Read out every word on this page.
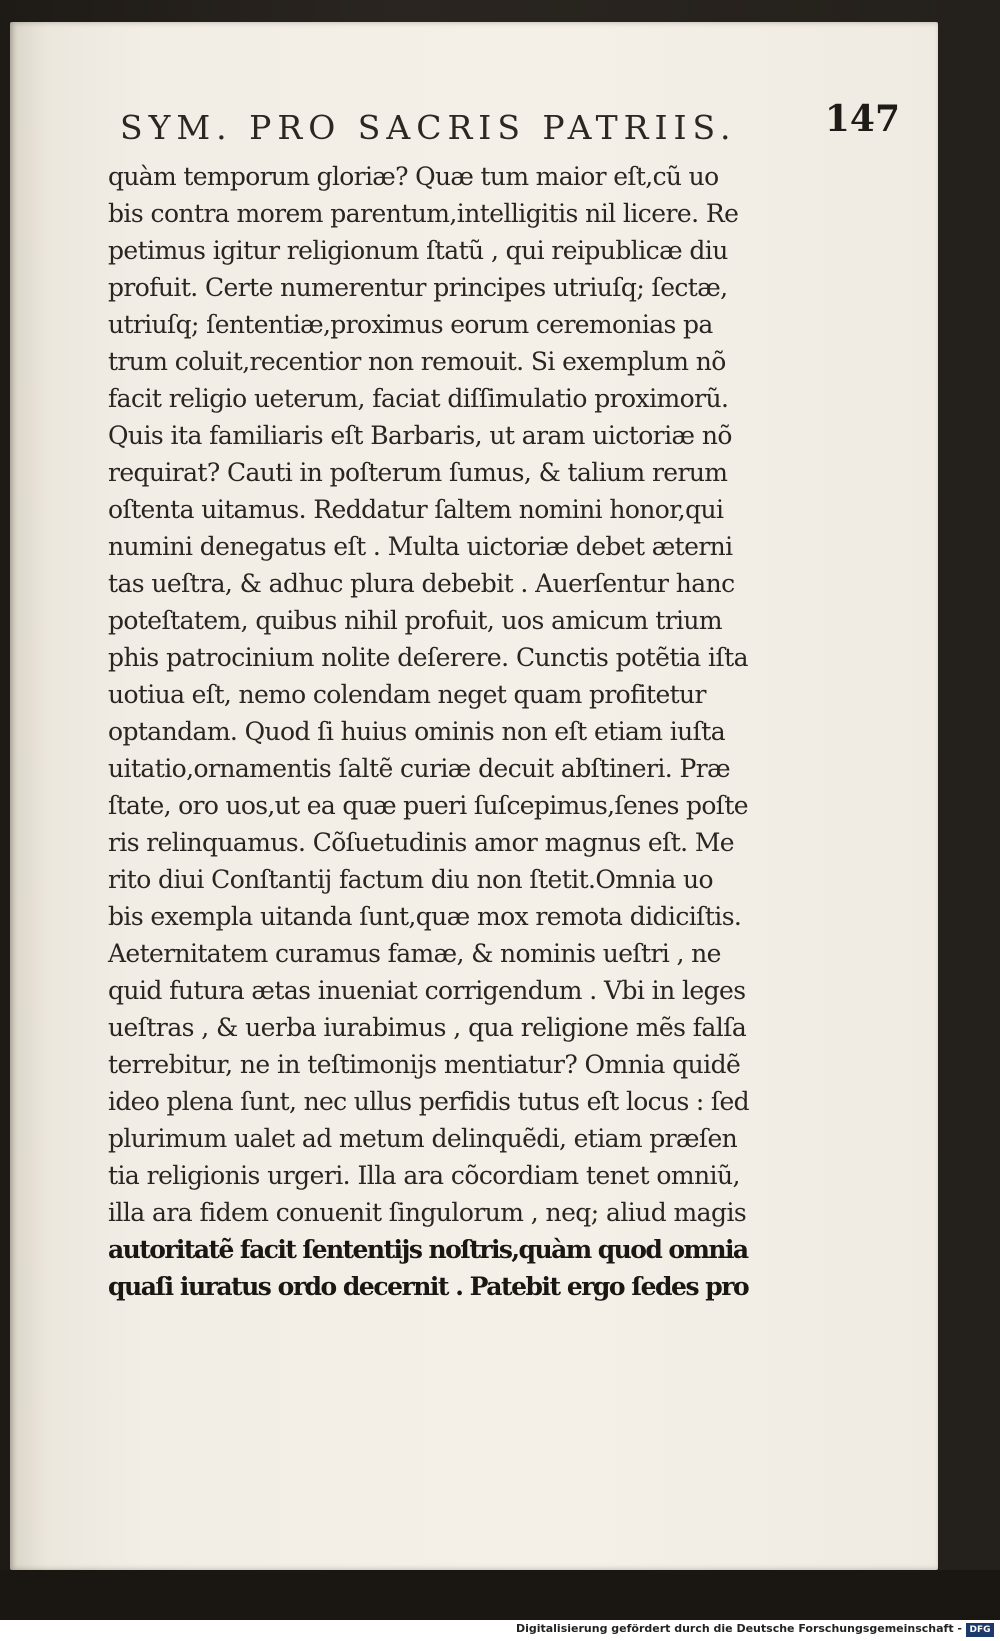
SYM. PRO SACRIS PATRIIS. 147
quàm temporum gloriæ? Quæ tum maior eſt,cũ uo
bis contra morem parentum,intelligitis nil licere. Re
petimus igitur religionum ſtatũ , qui reipublicæ diu
profuit. Certe numerentur principes utriuſq; ſectæ,
utriuſq; ſententiæ,proximus eorum ceremonias pa
trum coluit,recentior non remouit. Si exemplum nõ
facit religio ueterum, faciat diſſimulatio proximorũ.
Quis ita familiaris eſt Barbaris, ut aram uictoriæ nõ
requirat? Cauti in poſterum ſumus, & talium rerum
oſtenta uitamus. Reddatur ſaltem nomini honor,qui
numini denegatus eſt . Multa uictoriæ debet æterni
tas ueſtra, & adhuc plura debebit . Auerſentur hanc
poteſtatem, quibus nihil profuit, uos amicum trium
phis patrocinium nolite deſerere. Cunctis potẽtia iſta
uotiua eſt, nemo colendam neget quam profitetur
optandam. Quod ſi huius ominis non eſt etiam iuſta
uitatio,ornamentis ſaltẽ curiæ decuit abſtineri. Præ
ſtate, oro uos,ut ea quæ pueri ſuſcepimus,ſenes poſte
ris relinquamus. Cõſuetudinis amor magnus eſt. Me
rito diui Conſtantij factum diu non ſtetit.Omnia uo
bis exempla uitanda ſunt,quæ mox remota didiciſtis.
Aeternitatem curamus famæ, & nominis ueſtri , ne
quid futura ætas inueniat corrigendum . Vbi in leges
ueſtras , & uerba iurabimus , qua religione mẽs falſa
terrebitur, ne in teſtimonijs mentiatur? Omnia quidẽ
ideo plena ſunt, nec ullus perfidis tutus eſt locus : ſed
plurimum ualet ad metum delinquẽdi, etiam præſen
tia religionis urgeri. Illa ara cõcordiam tenet omniũ,
illa ara fidem conuenit ſingulorum , neq; aliud magis
autoritatẽ facit ſententijs noſtris,quàm quod omnia
quaſi iuratus ordo decernit . Patebit ergo ſedes pro
Digitalisierung gefördert durch die Deutsche Forschungsgemeinschaft - DFG
